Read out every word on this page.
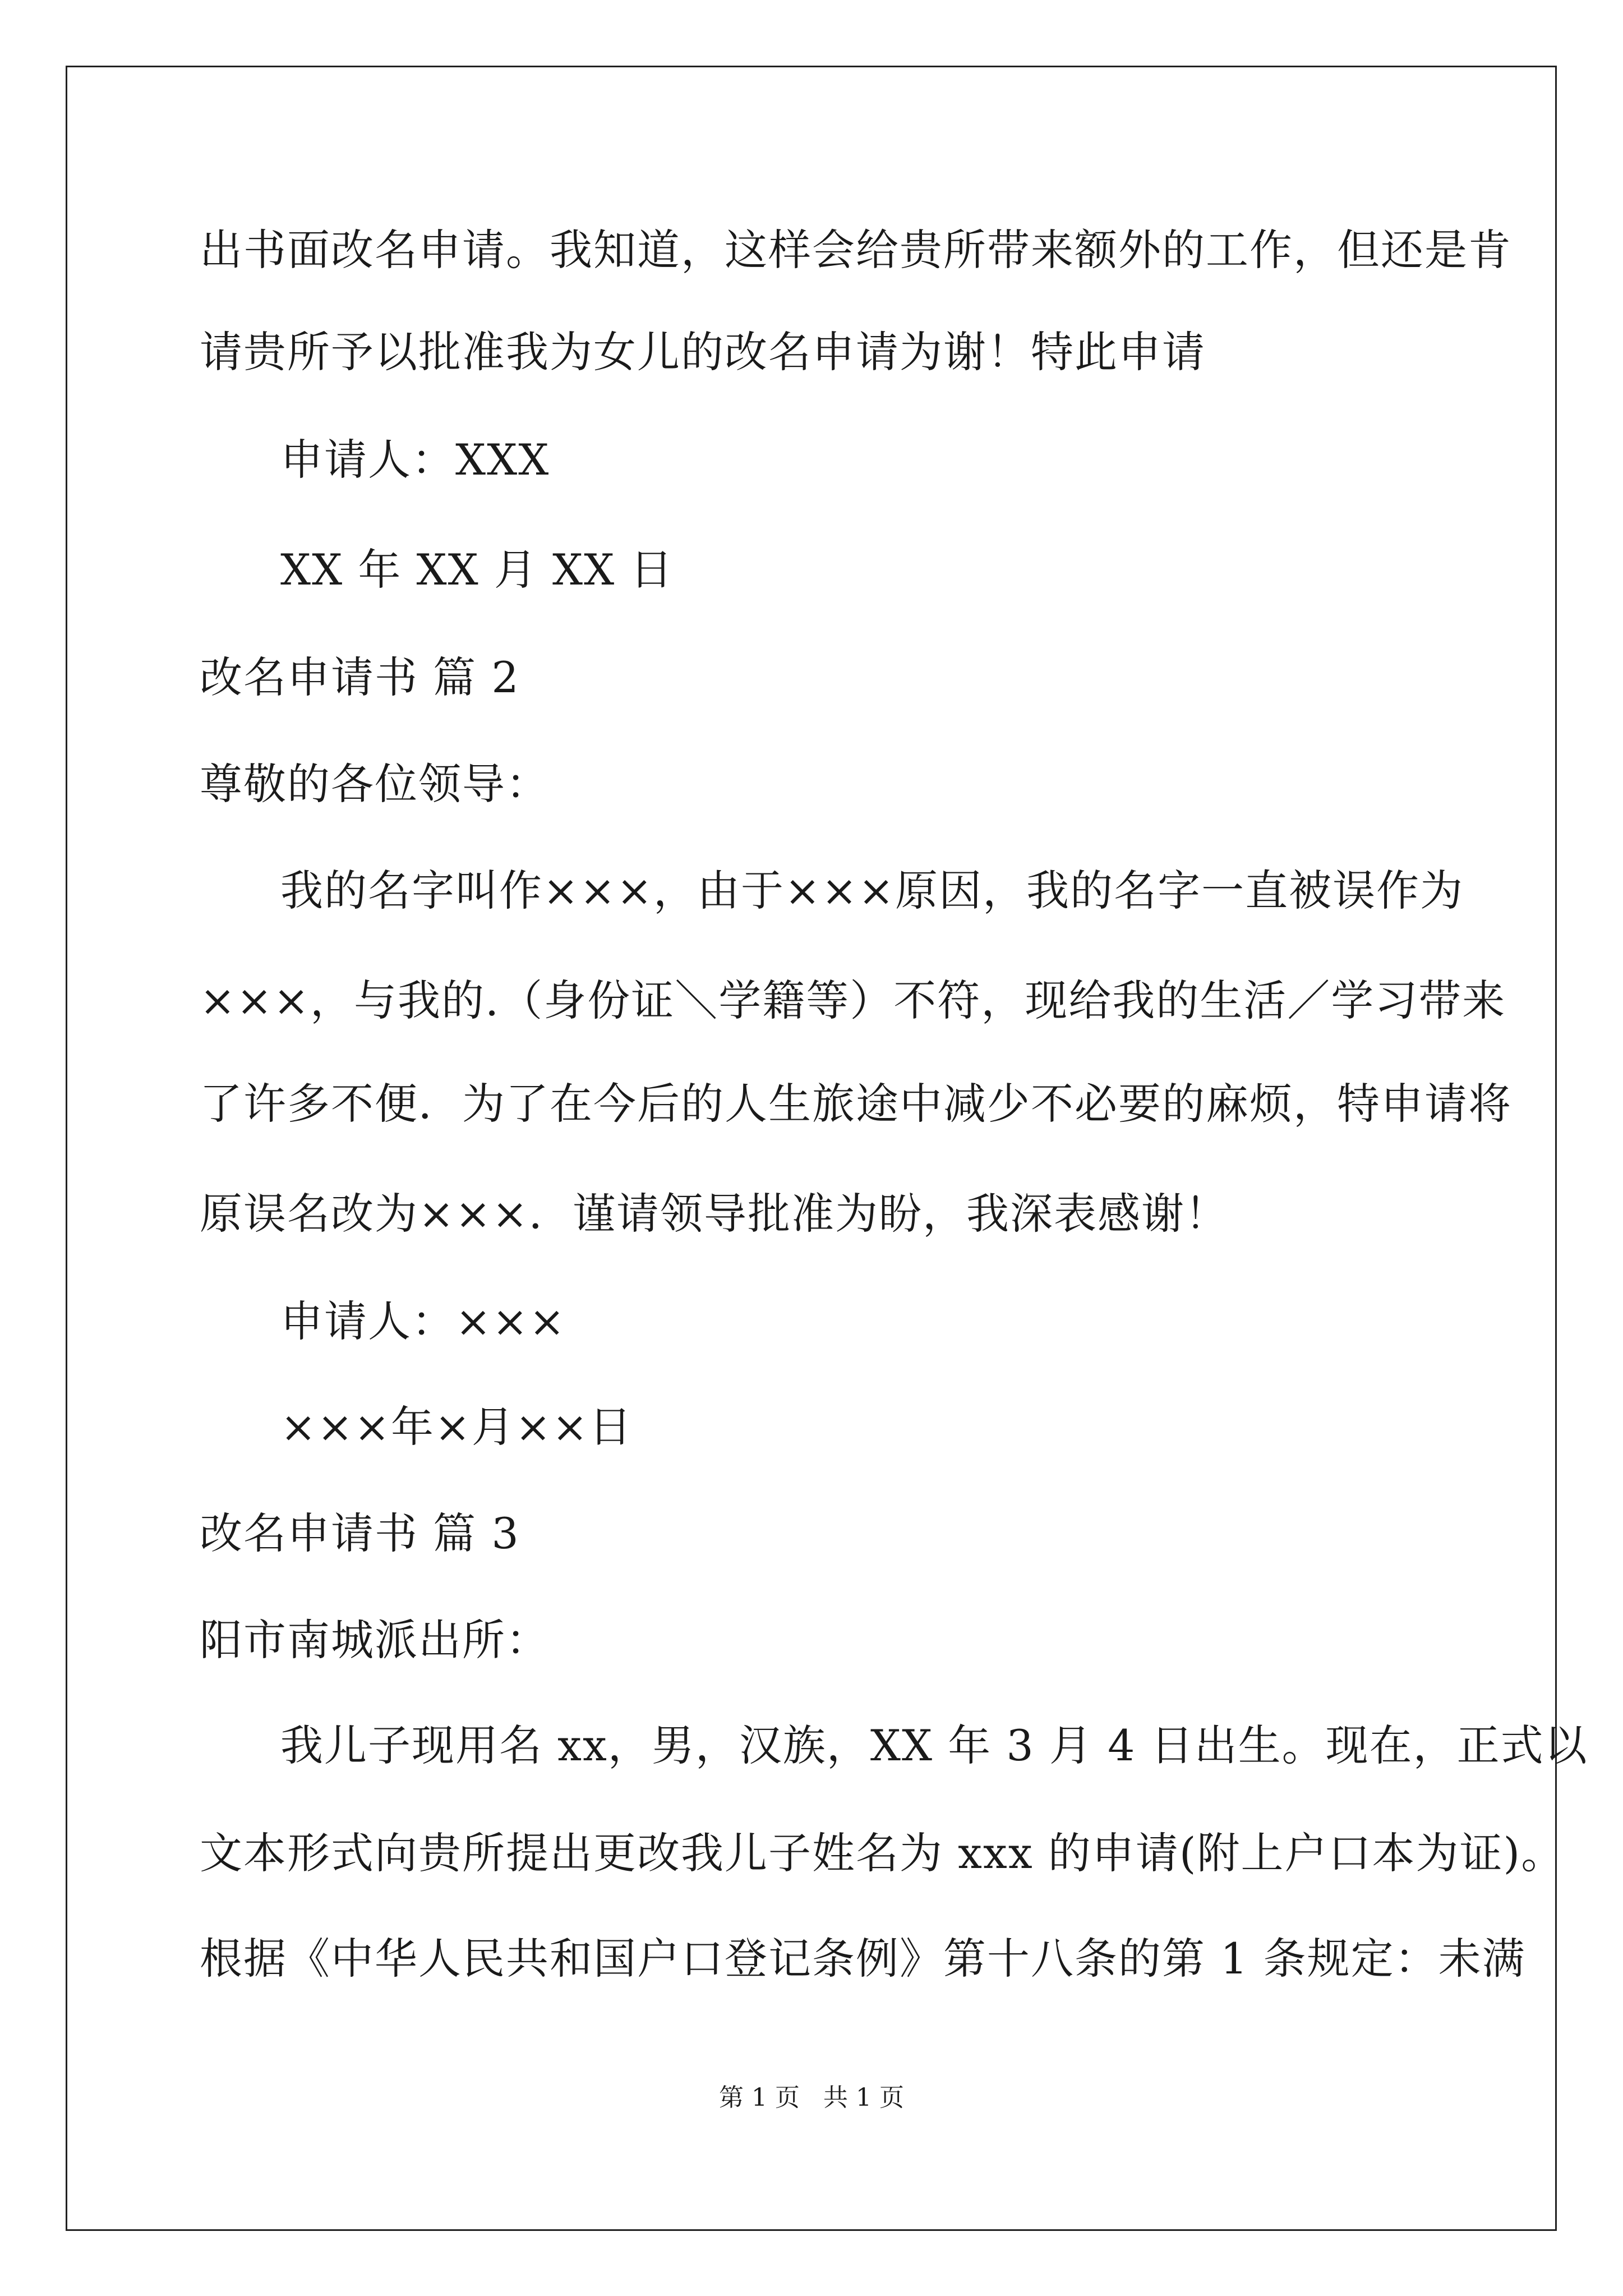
出书面改名申请。我知道，这样会给贵所带来额外的工作，但还是肯
请贵所予以批准我为女儿的改名申请为谢！特此申请
申请人：XXX
XX 年 XX 月 XX 日
改名申请书 篇 2
尊敬的各位领导：
我的名字叫作×××，由于×××原因，我的名字一直被误作为
×××，与我的.（身份证＼学籍等）不符，现给我的生活／学习带来
了许多不便．为了在今后的人生旅途中减少不必要的麻烦，特申请将
原误名改为×××．谨请领导批准为盼，我深表感谢！
申请人：×××
×××年×月××日
改名申请书 篇 3
阳市南城派出所：
我儿子现用名 xx，男，汉族，XX 年 3 月 4 日出生。现在，正式以
文本形式向贵所提出更改我儿子姓名为 xxx 的申请(附上户口本为证)。
根据《中华人民共和国户口登记条例》第十八条的第 1 条规定：未满
第 1 页   共 1 页
